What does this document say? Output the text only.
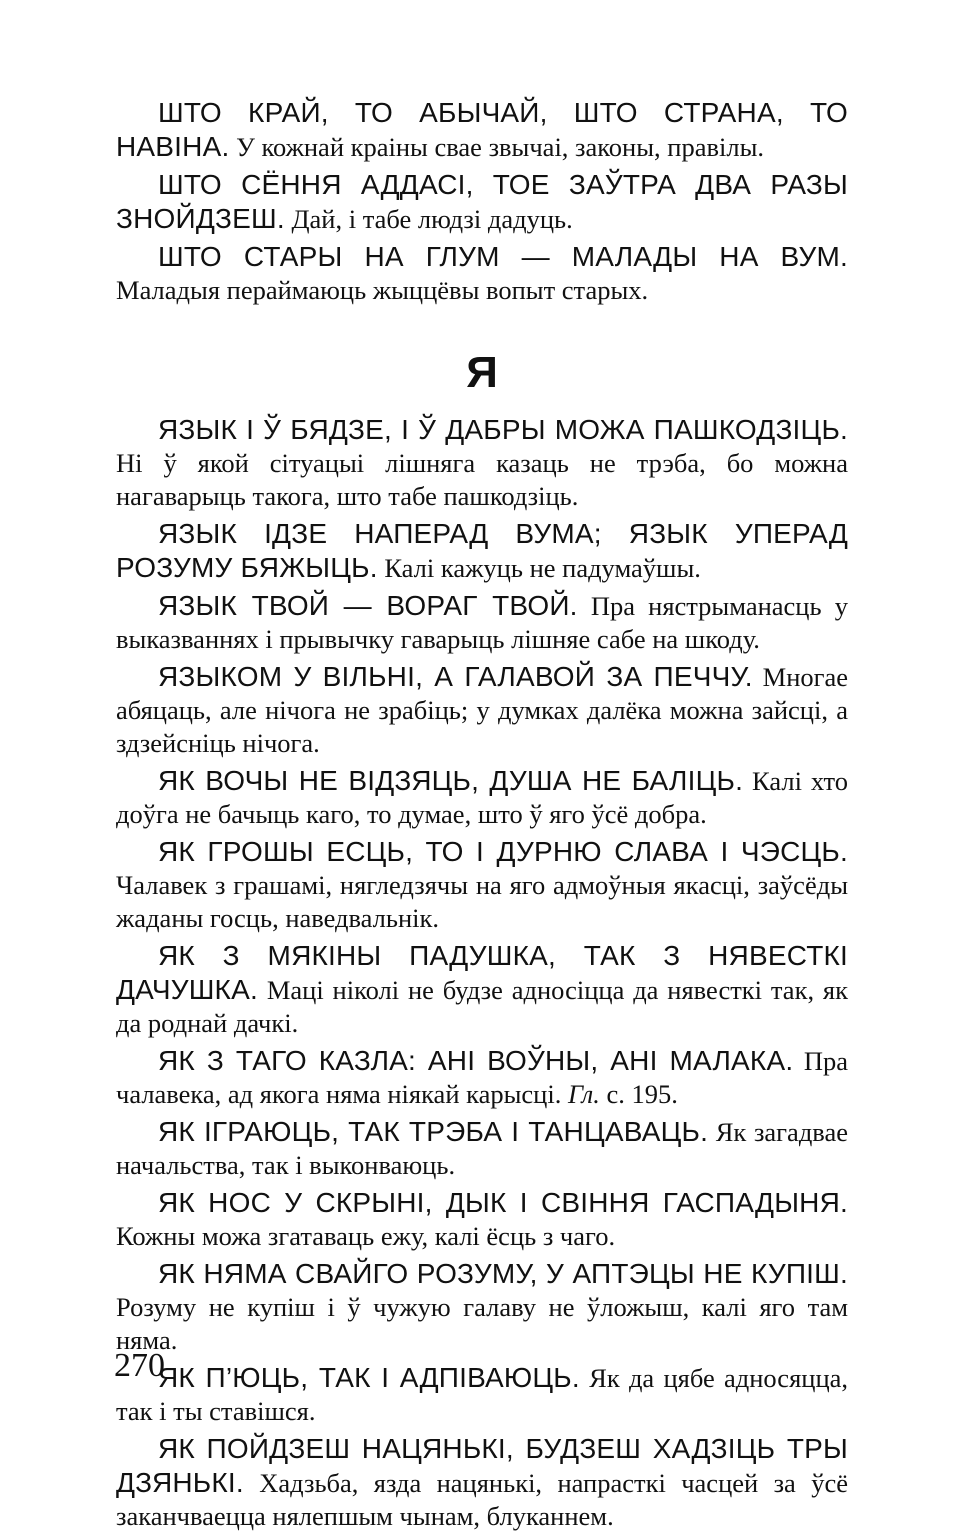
ШТО КРАЙ, ТО АБЫЧАЙ, ШТО СТРАНА, ТО НАВІНА. У кожнай краіны свае звычаі, законы, правілы.

ШТО СЁННЯ АДДАСІ, ТОЕ ЗАЎТРА ДВА РАЗЫ ЗНОЙДЗЕШ. Дай, і табе людзі дадуць.

ШТО СТАРЫ НА ГЛУМ — МАЛАДЫ НА ВУМ. Маладыя пераймаюць жыццёвы вопыт старых.

Я

ЯЗЫК І Ў БЯДЗЕ, І Ў ДАБРЫ МОЖА ПАШКОДЗІЦЬ. Ні ў якой сітуацыі лішняга казаць не трэба, бо можна нагаварыць такога, што табе пашкодзіць.

ЯЗЫК ІДЗЕ НАПЕРАД ВУМА; ЯЗЫК УПЕРАД РОЗУМУ БЯЖЫЦЬ. Калі кажуць не падумаўшы.

ЯЗЫК ТВОЙ — ВОРАГ ТВОЙ. Пра нястрыманасць у выказваннях і прывычку гаварыць лішняе сабе на шкоду.

ЯЗЫКОМ У ВІЛЬНІ, А ГАЛАВОЙ ЗА ПЕЧЧУ. Многае абяцаць, але нічога не зрабіць; у думках далёка можна зайсці, а здзейсніць нічога.

ЯК ВОЧЫ НЕ ВІДЗЯЦЬ, ДУША НЕ БАЛІЦЬ. Калі хто доўга не бачыць каго, то думае, што ў яго ўсё добра.

ЯК ГРОШЫ ЕСЦЬ, ТО І ДУРНЮ СЛАВА І ЧЭСЦЬ. Чалавек з грашамі, нягледзячы на яго адмоўныя якасці, заўсёды жаданы госць, наведвальнік.

ЯК З МЯКІНЫ ПАДУШКА, ТАК З НЯВЕСТКІ ДАЧУШКА. Маці ніколі не будзе адносіцца да нявесткі так, як да роднай дачкі.

ЯК З ТАГО КАЗЛА: АНІ ВОЎНЫ, АНІ МАЛАКА. Пра чалавека, ад якога няма ніякай карысці. Гл. с. 195.

ЯК ІГРАЮЦЬ, ТАК ТРЭБА І ТАНЦАВАЦЬ. Як загадвае начальства, так і выконваюць.

ЯК НОС У СКРЫНІ, ДЫК І СВІННЯ ГАСПАДЫНЯ. Кожны можа згатаваць ежу, калі ёсць з чаго.

ЯК НЯМА СВАЙГО РОЗУМУ, У АПТЭЦЫ НЕ КУПІШ. Розуму не купіш і ў чужую галаву не ўложыш, калі яго там няма.

ЯК П’ЮЦЬ, ТАК І АДПІВАЮЦЬ. Як да цябе адносяцца, так і ты ставішся.

ЯК ПОЙДЗЕШ НАЦЯНЬКІ, БУДЗЕШ ХАДЗІЦЬ ТРЫ ДЗЯНЬКІ. Хадзьба, язда нацянькі, напраcткі часцей за ўсё заканчваецца нялепшым чынам, блуканнем.

270
